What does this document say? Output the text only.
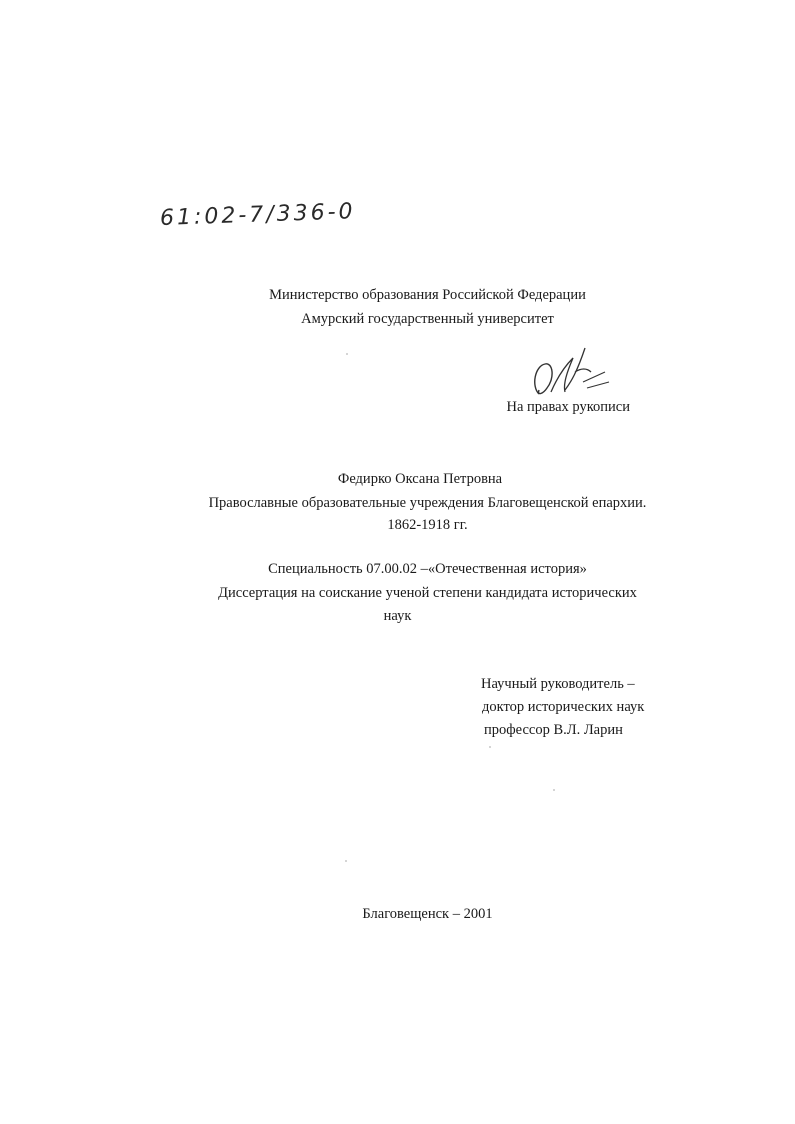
61:02-7/336-0
Министерство образования Российской Федерации
Амурский государственный университет
На правах рукописи
Федирко Оксана Петровна
Православные образовательные учреждения Благовещенской епархии.
1862-1918 гг.
Специальность 07.00.02 –«Отечественная история»
Диссертация на соискание ученой степени кандидата исторических
наук
Научный руководитель –
доктор исторических наук
профессор В.Л. Ларин
Благовещенск – 2001
